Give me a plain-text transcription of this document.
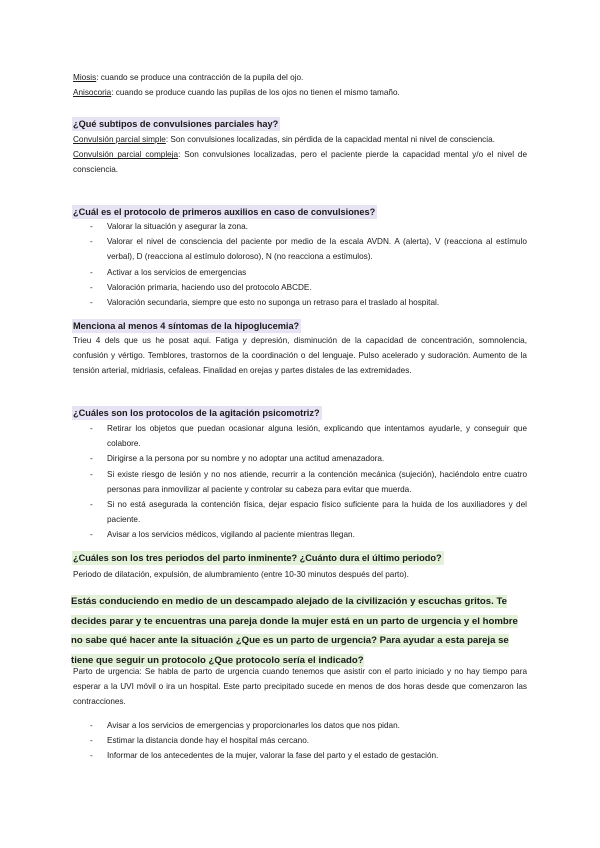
Miosis: cuando se produce una contracción de la pupila del ojo.
Anisocoria: cuando se produce cuando las pupilas de los ojos no tienen el mismo tamaño.
¿Qué subtipos de convulsiones parciales hay?
Convulsión parcial simple: Son convulsiones localizadas, sin pérdida de la capacidad mental ni nivel de consciencia.
Convulsión parcial compleja: Son convulsiones localizadas, pero el paciente pierde la capacidad mental y/o el nivel de consciencia.
¿Cuál es el protocolo de primeros auxilios en caso de convulsiones?
- Valorar la situación y asegurar la zona.
- Valorar el nivel de consciencia del paciente por medio de la escala AVDN. A (alerta), V (reacciona al estímulo verbal), D (reacciona al estímulo doloroso), N (no reacciona a estímulos).
- Activar a los servicios de emergencias
- Valoración primaria, haciendo uso del protocolo ABCDE.
- Valoración secundaria, siempre que esto no suponga un retraso para el traslado al hospital.
Menciona al menos 4 síntomas de la hipoglucemia?
Trieu 4 dels que us he posat aqui. Fatiga y depresión, disminución de la capacidad de concentración, somnolencia, confusión y vértigo. Temblores, trastornos de la coordinación o del lenguaje. Pulso acelerado y sudoración. Aumento de la tensión arterial, midriasis, cefaleas. Finalidad en orejas y partes distales de las extremidades.
¿Cuáles son los protocolos de la agitación psicomotriz?
- Retirar los objetos que puedan ocasionar alguna lesión, explicando que intentamos ayudarle, y conseguir que colabore.
- Dirigirse a la persona por su nombre y no adoptar una actitud amenazadora.
- Si existe riesgo de lesión y no nos atiende, recurrir a la contención mecánica (sujeción), haciéndolo entre cuatro personas para inmovilizar al paciente y controlar su cabeza para evitar que muerda.
- Si no está asegurada la contención física, dejar espacio físico suficiente para la huida de los auxiliadores y del paciente.
- Avisar a los servicios médicos, vigilando al paciente mientras llegan.
¿Cuáles son los tres periodos del parto inminente? ¿Cuánto dura el último periodo?
Periodo de dilatación, expulsión, de alumbramiento (entre 10-30 minutos después del parto).
Estás conduciendo en medio de un descampado alejado de la civilización y escuchas gritos. Te decides parar y te encuentras una pareja donde la mujer está en un parto de urgencia y el hombre no sabe qué hacer ante la situación ¿Que es un parto de urgencia? Para ayudar a esta pareja se tiene que seguir un protocolo ¿Que protocolo sería el indicado?
Parto de urgencia: Se habla de parto de urgencia cuando tenemos que asistir con el parto iniciado y no hay tiempo para esperar a la UVI móvil o ira un hospital. Este parto precipitado sucede en menos de dos horas desde que comenzaron las contracciones.
- Avisar a los servicios de emergencias y proporcionarles los datos que nos pidan.
- Estimar la distancia donde hay el hospital más cercano.
- Informar de los antecedentes de la mujer, valorar la fase del parto y el estado de gestación.
